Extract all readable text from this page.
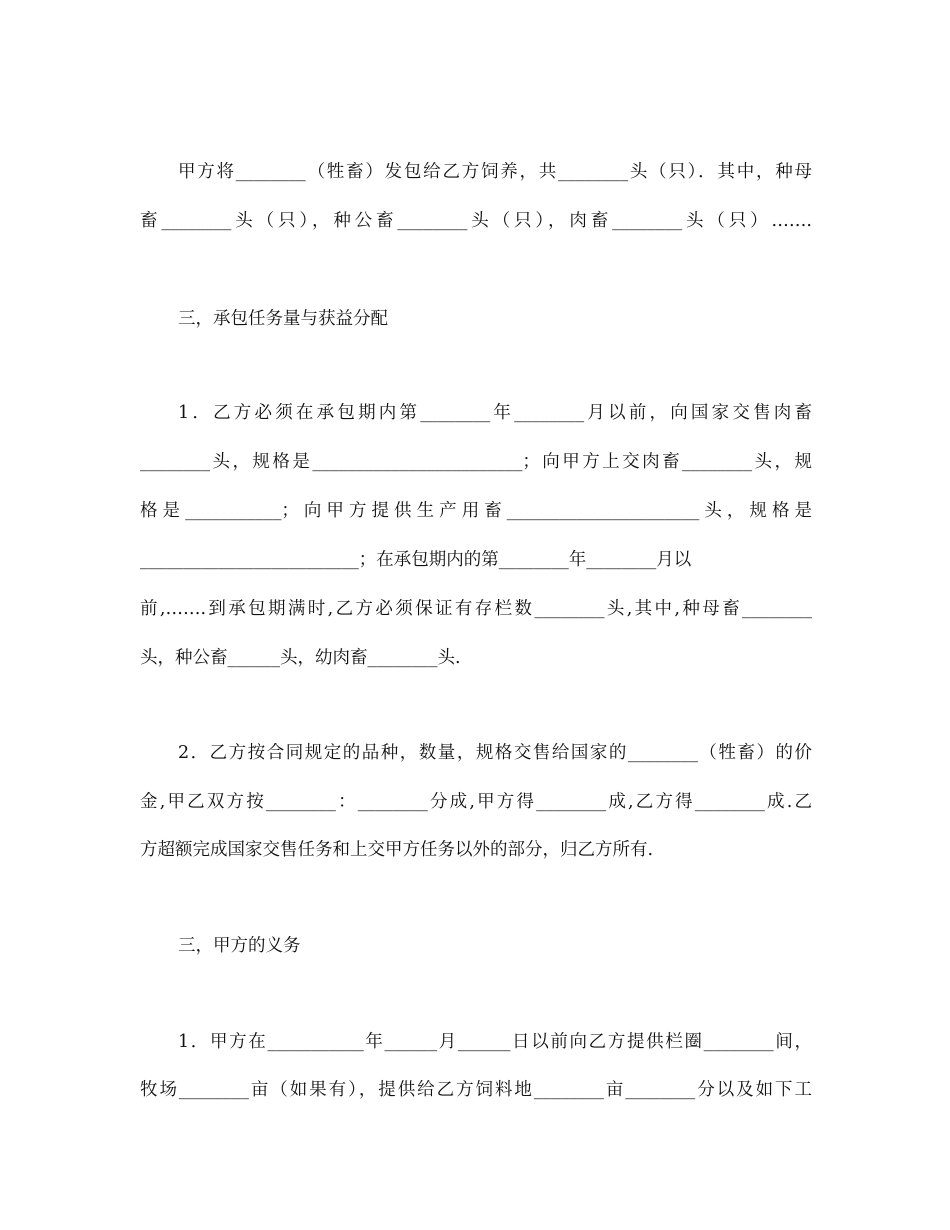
甲方将________（牲畜）发包给乙方饲养，共________头（只）．其中，种母
畜________头（只），种公畜________头（只），肉畜________头（只）…….
三，承包任务量与获益分配
1．乙方必须在承包期内第________年________月以前，向国家交售肉畜
________头，规格是________________________；向甲方上交肉畜________头，规
格是___________；向甲方提供生产用畜______________________头，规格是
_________________________；在承包期内的第________年________月以
前,…….到承包期满时,乙方必须保证有存栏数________头,其中,种母畜________
头，种公畜______头，幼肉畜________头.
2．乙方按合同规定的品种，数量，规格交售给国家的________（牲畜）的价
金,甲乙双方按________：________分成,甲方得________成,乙方得________成.乙
方超额完成国家交售任务和上交甲方任务以外的部分，归乙方所有.
三，甲方的义务
1．甲方在___________年______月______日以前向乙方提供栏圈________间，
牧场________亩（如果有），提供给乙方饲料地________亩________分以及如下工
